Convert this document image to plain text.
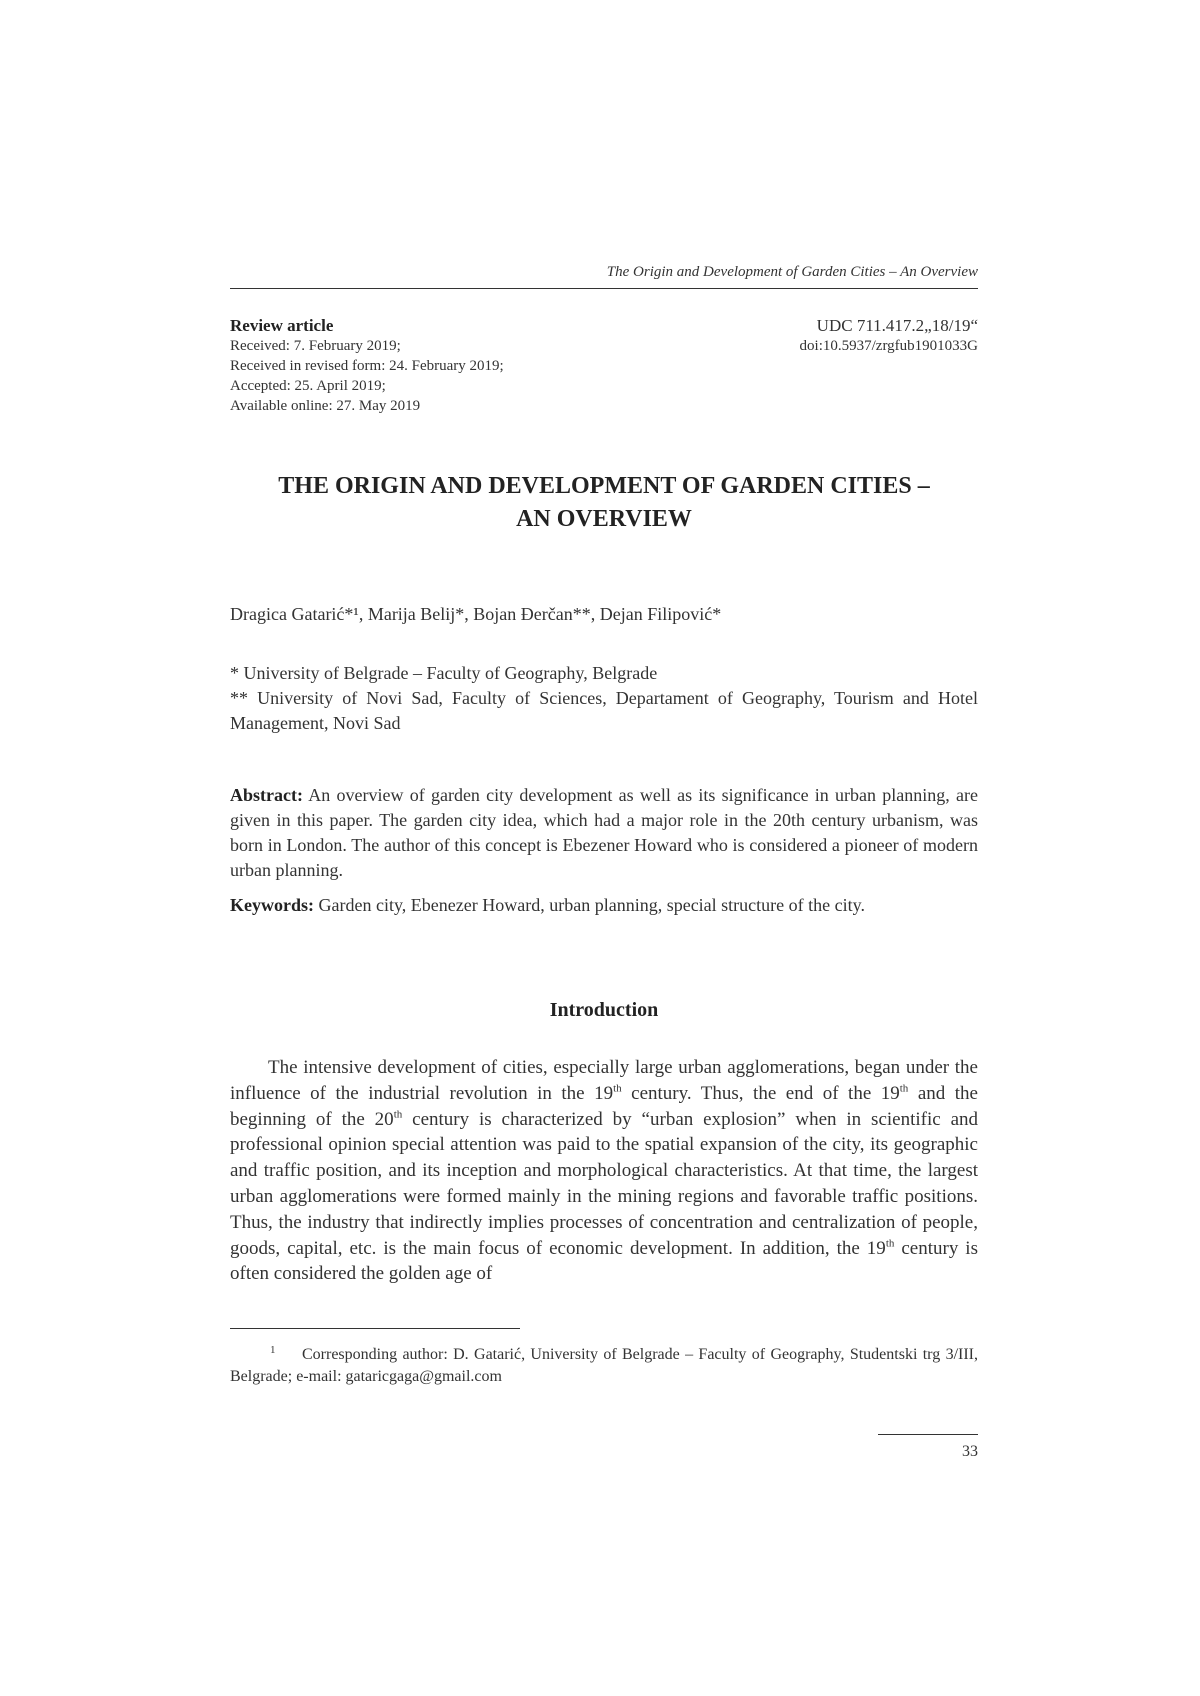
The Origin and Development of Garden Cities – An Overview
Review article
Received: 7. February 2019;
Received in revised form: 24. February 2019;
Accepted: 25. April 2019;
Available online: 27. May 2019
UDC 711.417.2„18/19“
doi:10.5937/zrgfub1901033G
THE ORIGIN AND DEVELOPMENT OF GARDEN CITIES –
AN OVERVIEW
Dragica Gatarić*¹, Marija Belij*, Bojan Đerčan**, Dejan Filipović*
* University of Belgrade – Faculty of Geography, Belgrade
** University of Novi Sad, Faculty of Sciences, Departament of Geography, Tourism and Hotel Management, Novi Sad
Abstract: An overview of garden city development as well as its significance in urban planning, are given in this paper. The garden city idea, which had a major role in the 20th century urbanism, was born in London. The author of this concept is Ebezener Howard who is considered a pioneer of modern urban planning.
Keywords: Garden city, Ebenezer Howard, urban planning, special structure of the city.
Introduction
The intensive development of cities, especially large urban agglomerations, began under the influence of the industrial revolution in the 19th century. Thus, the end of the 19th and the beginning of the 20th century is characterized by “urban explosion” when in scientific and professional opinion special attention was paid to the spatial expansion of the city, its geographic and traffic position, and its inception and morphological characteristics. At that time, the largest urban agglomerations were formed mainly in the mining regions and favorable traffic positions. Thus, the industry that indirectly implies processes of concentration and centralization of people, goods, capital, etc. is the main focus of economic development. In addition, the 19th century is often considered the golden age of
1 Corresponding author: D. Gatarić, University of Belgrade – Faculty of Geography, Studentski trg 3/III, Belgrade; e-mail: gataricgaga@gmail.com
33
